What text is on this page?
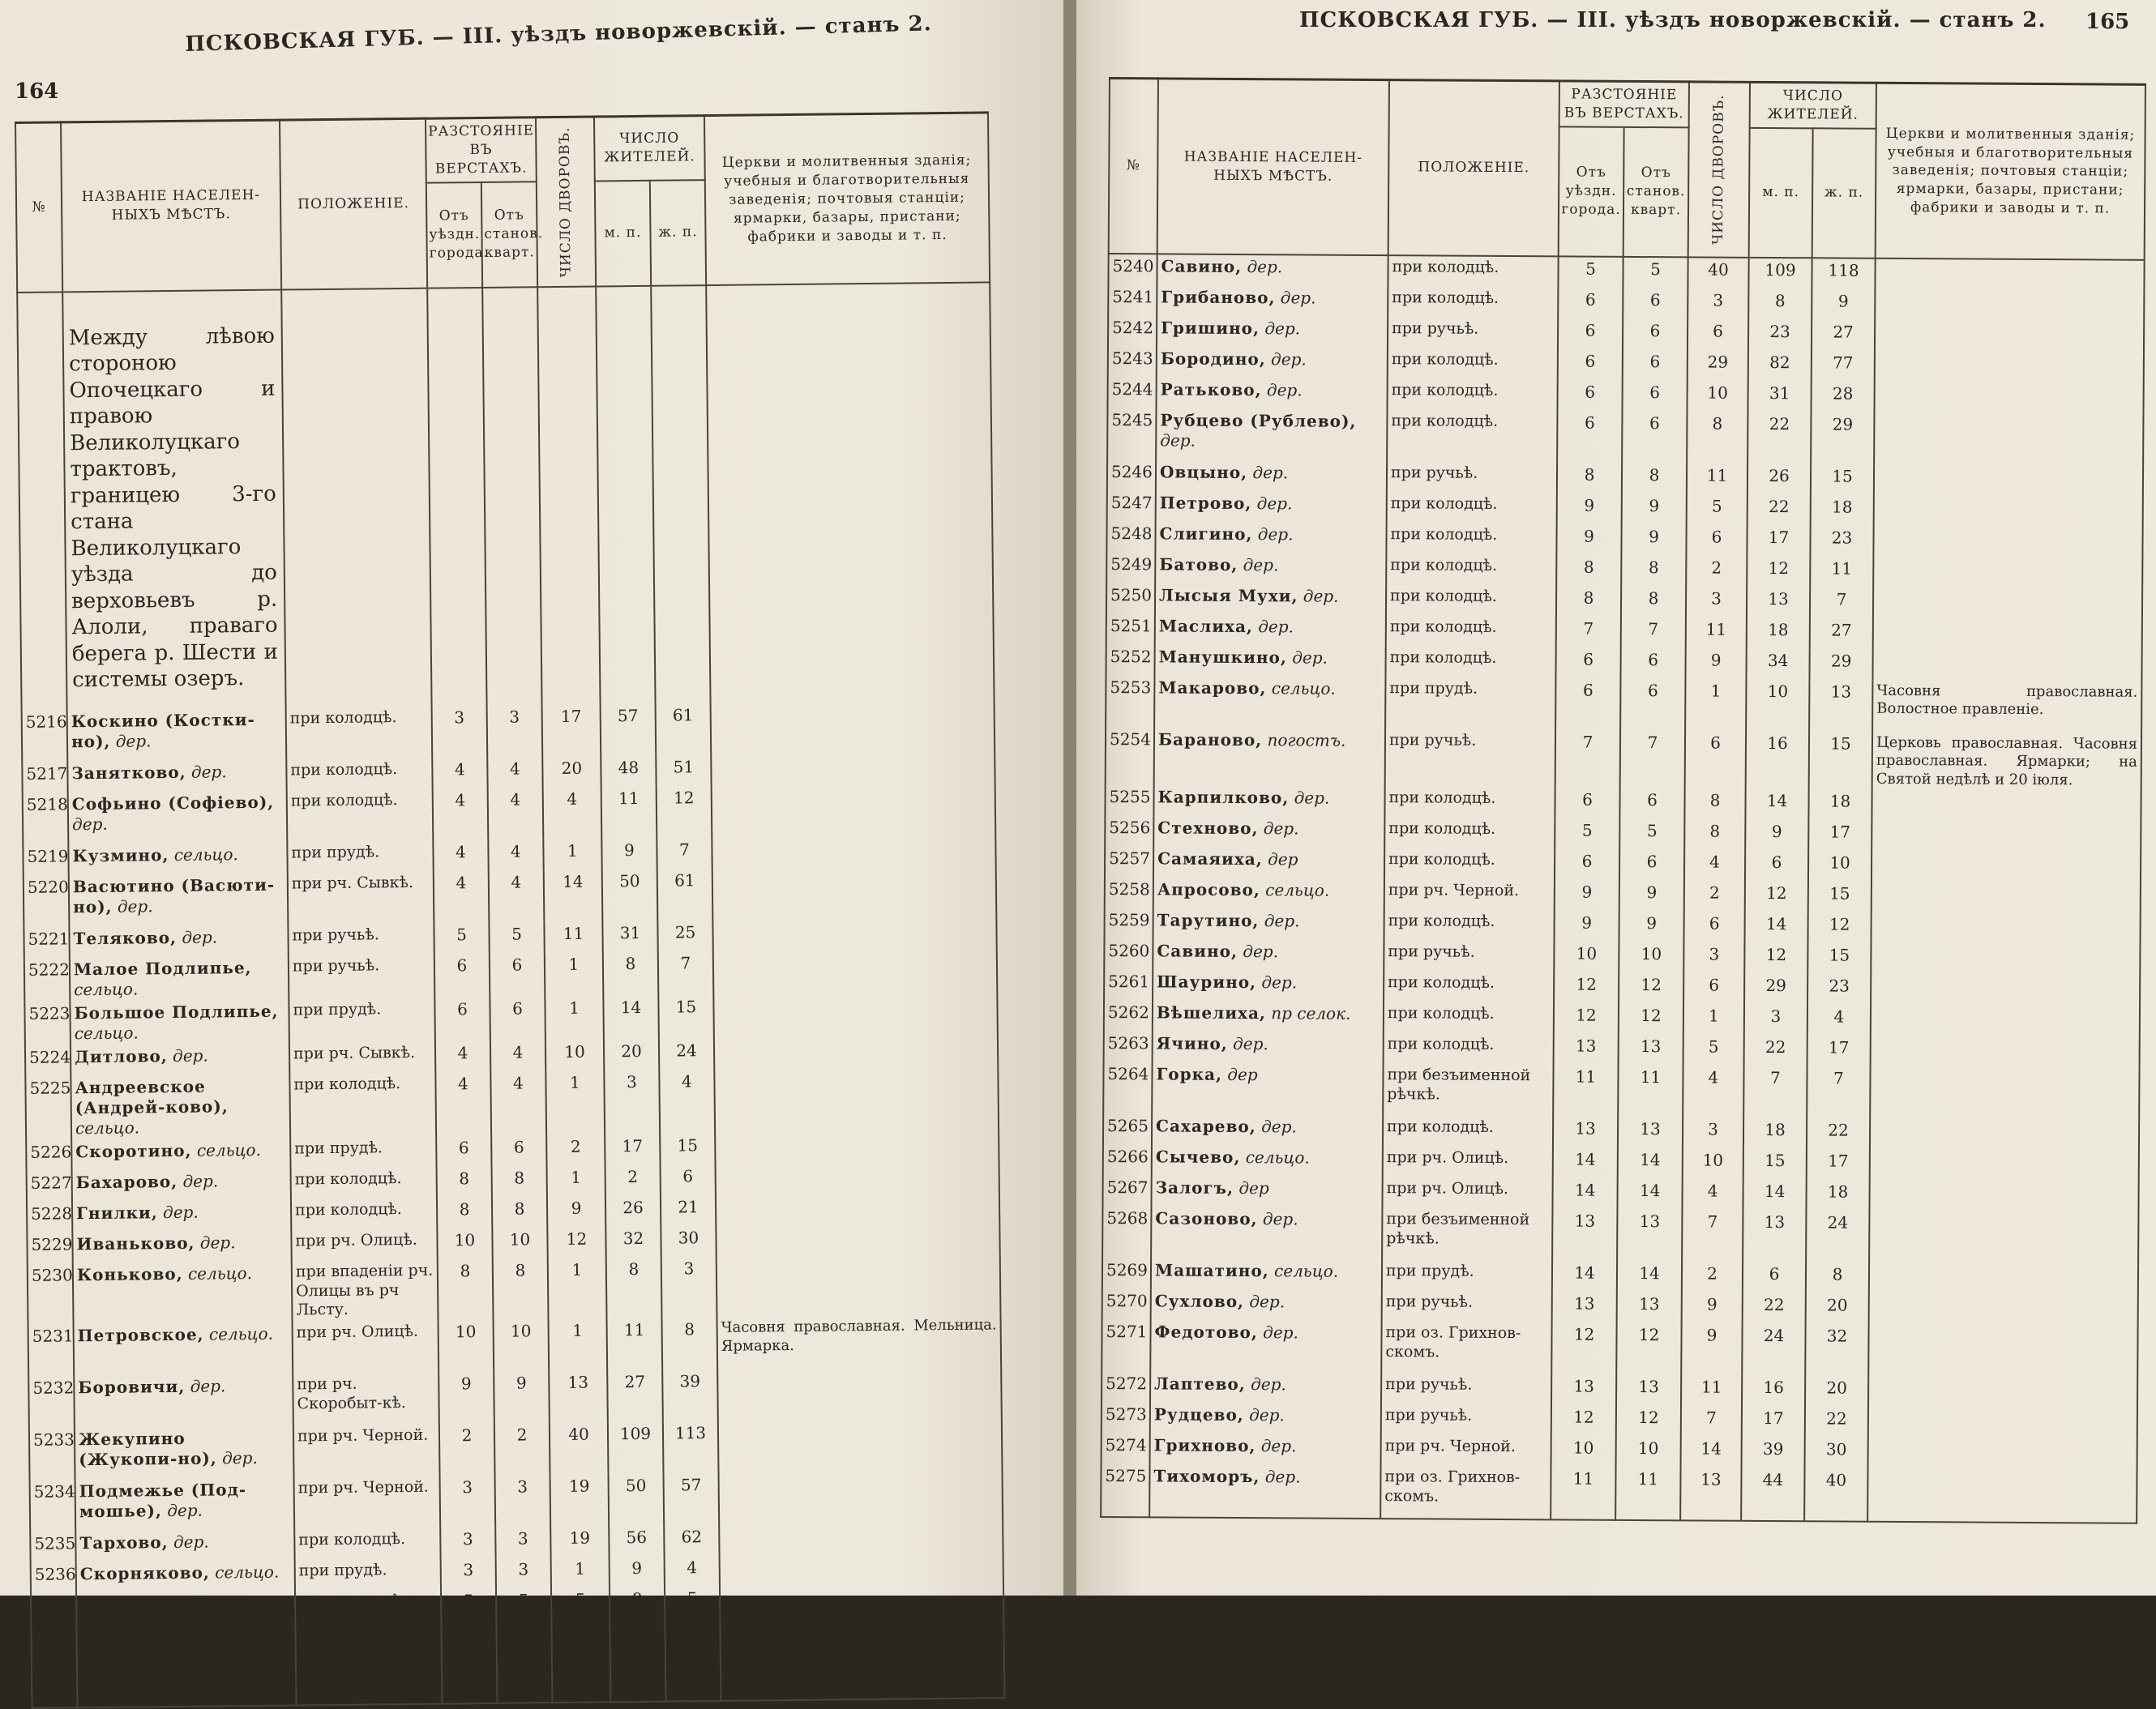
164
ПСКОВСКАЯ ГУБ. — III. уѣздъ новоржевскій. — станъ 2.
№	НАЗВАНІЕ НАСЕЛЕН-НЫХЪ МѢСТЪ.	ПОЛОЖЕНІЕ.	РАЗСТОЯНІЕ ВЪ ВЕРСТАХЪ.		ЧИСЛО ДВОРОВЪ.	ЧИСЛО ЖИТЕЛЕЙ.		Церкви и молитвенныя зданія; учебныя и благотворительныя заведенія; почтовыя станціи; ярмарки, базары, пристани; фабрики и заводы и т. п.
			Отъ уѣздн. города.	Отъ станов. кварт.		м. п.	ж. п.	
	Между лѣвою стороною Опочецкаго и правою Великолуцкаго трактовъ, границею 3-го стана Великолуцкаго уѣзда до верховьевъ р. Алоли, праваго берега р. Шести и системы озеръ.							
5216	Коскино (Костки-но), дер.	при колодцѣ.	3	3	17	57	61	
5217	Занятково, дер.	при колодцѣ.	4	4	20	48	51	
5218	Софьино (Софіево), дер.	при колодцѣ.	4	4	4	11	12	
5219	Кузмино, сельцо.	при прудѣ.	4	4	1	9	7	
5220	Васютино (Васюти-но), дер.	при рч. Сывкѣ.	4	4	14	50	61	
5221	Теляково, дер.	при ручьѣ.	5	5	11	31	25	
5222	Малое Подлипье, сельцо.	при ручьѣ.	6	6	1	8	7	
5223	Большое Подлипье, сельцо.	при прудѣ.	6	6	1	14	15	
5224	Дитлово, дер.	при рч. Сывкѣ.	4	4	10	20	24	
5225	Андреевское (Андрей-ково), сельцо.	при колодцѣ.	4	4	1	3	4	
5226	Скоротино, сельцо.	при прудѣ.	6	6	2	17	15	
5227	Бахарово, дер.	при колодцѣ.	8	8	1	2	6	
5228	Гнилки, дер.	при колодцѣ.	8	8	9	26	21	
5229	Иваньково, дер.	при рч. Олицѣ.	10	10	12	32	30	
5230	Коньково, сельцо.	при впаденіи рч. Олицы въ рч Льсту.	8	8	1	8	3	
5231	Петровское, сельцо.	при рч. Олицѣ.	10	10	1	11	8	Часовня православная. Мельница. Ярмарка.
5232	Боровичи, дер.	при рч. Скоробыт-кѣ.	9	9	13	27	39	
5233	Жекупино (Жукопи-но), дер.	при рч. Черной.	2	2	40	109	113	
5234	Подмежье (Под-мошье), дер.	при рч. Черной.	3	3	19	50	57	
5235	Тархово, дер.	при колодцѣ.	3	3	19	56	62	
5236	Скорняково, сельцо.	при прудѣ.	3	3	1	9	4	
5237	Бараново (Силинъ Дворъ), сельцо.	при колодцѣ и прудѣ.	5	5	5	8	5	
5238	Полозово, сельцо.	при прудѣ.	4	4	1	8	3	
5239	Мосѣево, дер	при ручьѣ.	4	4	7	29	35	
ПСКОВСКАЯ ГУБ. — III. уѣздъ новоржевскій. — станъ 2. 165
№	НАЗВАНІЕ НАСЕЛЕН-НЫХЪ МѢСТЪ.	ПОЛОЖЕНІЕ.	РАЗСТОЯНІЕ ВЪ ВЕРСТАХЪ.		ЧИСЛО ДВОРОВЪ.	ЧИСЛО ЖИТЕЛЕЙ.		Церкви и молитвенныя зданія; учебныя и благотворительныя заведенія; почтовыя станціи; ярмарки, базары, пристани; фабрики и заводы и т. п.
			Отъ уѣздн. города.	Отъ станов. кварт.		м. п.	ж. п.	
5240	Савино, дер.	при колодцѣ.	5	5	40	109	118	
5241	Грибаново, дер.	при колодцѣ.	6	6	3	8	9	
5242	Гришино, дер.	при ручьѣ.	6	6	6	23	27	
5243	Бородино, дер.	при колодцѣ.	6	6	29	82	77	
5244	Ратьково, дер.	при колодцѣ.	6	6	10	31	28	
5245	Рубцево (Рублево), дер.	при колодцѣ.	6	6	8	22	29	
5246	Овцыно, дер.	при ручьѣ.	8	8	11	26	15	
5247	Петрово, дер.	при колодцѣ.	9	9	5	22	18	
5248	Слигино, дер.	при колодцѣ.	9	9	6	17	23	
5249	Батово, дер.	при колодцѣ.	8	8	2	12	11	
5250	Лысыя Мухи, дер.	при колодцѣ.	8	8	3	13	7	
5251	Маслиха, дер.	при колодцѣ.	7	7	11	18	27	
5252	Манушкино, дер.	при колодцѣ.	6	6	9	34	29	
5253	Макарово, сельцо.	при прудѣ.	6	6	1	10	13	Часовня православная. Волостное правленіе.
5254	Бараново, погостъ.	при ручьѣ.	7	7	6	16	15	Церковь православная. Часовня православная. Ярмарки; на Святой недѣлѣ и 20 іюля.
5255	Карпилково, дер.	при колодцѣ.	6	6	8	14	18	
5256	Стехново, дер.	при колодцѣ.	5	5	8	9	17	
5257	Самаяиха, дер	при колодцѣ.	6	6	4	6	10	
5258	Апросово, сельцо.	при рч. Черной.	9	9	2	12	15	
5259	Тарутино, дер.	при колодцѣ.	9	9	6	14	12	
5260	Савино, дер.	при ручьѣ.	10	10	3	12	15	
5261	Шаурино, дер.	при колодцѣ.	12	12	6	29	23	
5262	Вѣшелиха, пр селок.	при колодцѣ.	12	12	1	3	4	
5263	Ячино, дер.	при колодцѣ.	13	13	5	22	17	
5264	Горка, дер	при безъименной рѣчкѣ.	11	11	4	7	7	
5265	Сахарево, дер.	при колодцѣ.	13	13	3	18	22	
5266	Сычево, сельцо.	при рч. Олицѣ.	14	14	10	15	17	
5267	Залогъ, дер	при рч. Олицѣ.	14	14	4	14	18	
5268	Сазоново, дер.	при безъименной рѣчкѣ.	13	13	7	13	24	
5269	Машатино, сельцо.	при прудѣ.	14	14	2	6	8	
5270	Сухлово, дер.	при ручьѣ.	13	13	9	22	20	
5271	Федотово, дер.	при оз. Грихнов-скомъ.	12	12	9	24	32	
5272	Лаптево, дер.	при ручьѣ.	13	13	11	16	20	
5273	Рудцево, дер.	при ручьѣ.	12	12	7	17	22	
5274	Грихново, дер.	при рч. Черной.	10	10	14	39	30	
5275	Тихоморъ, дер.	при оз. Грихнов-скомъ.	11	11	13	44	40	
